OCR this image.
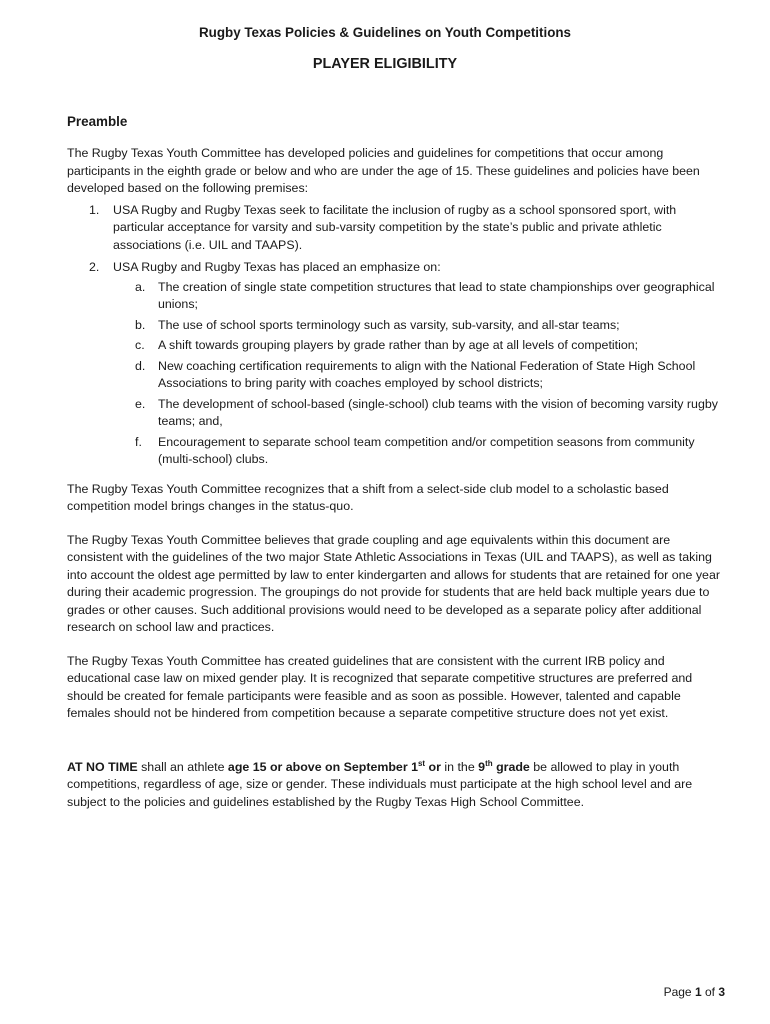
Rugby Texas Policies & Guidelines on Youth Competitions
PLAYER ELIGIBILITY
Preamble

The Rugby Texas Youth Committee has developed policies and guidelines for competitions that occur among participants in the eighth grade or below and who are under the age of 15. These guidelines and policies have been developed based on the following premises:

1. USA Rugby and Rugby Texas seek to facilitate the inclusion of rugby as a school sponsored sport, with particular acceptance for varsity and sub-varsity competition by the state’s public and private athletic associations (i.e. UIL and TAAPS).
2. USA Rugby and Rugby Texas has placed an emphasize on:
a. The creation of single state competition structures that lead to state championships over geographical unions;
b. The use of school sports terminology such as varsity, sub-varsity, and all-star teams;
c. A shift towards grouping players by grade rather than by age at all levels of competition;
d. New coaching certification requirements to align with the National Federation of State High School Associations to bring parity with coaches employed by school districts;
e. The development of school-based (single-school) club teams with the vision of becoming varsity rugby teams; and,
f. Encouragement to separate school team competition and/or competition seasons from community (multi-school) clubs.

The Rugby Texas Youth Committee recognizes that a shift from a select-side club model to a scholastic based competition model brings changes in the status-quo.

The Rugby Texas Youth Committee believes that grade coupling and age equivalents within this document are consistent with the guidelines of the two major State Athletic Associations in Texas (UIL and TAAPS), as well as taking into account the oldest age permitted by law to enter kindergarten and allows for students that are retained for one year during their academic progression. The groupings do not provide for students that are held back multiple years due to grades or other causes. Such additional provisions would need to be developed as a separate policy after additional research on school law and practices.

The Rugby Texas Youth Committee has created guidelines that are consistent with the current IRB policy and educational case law on mixed gender play. It is recognized that separate competitive structures are preferred and should be created for female participants were feasible and as soon as possible. However, talented and capable females should not be hindered from competition because a separate competitive structure does not yet exist.

AT NO TIME shall an athlete age 15 or above on September 1st or in the 9th grade be allowed to play in youth competitions, regardless of age, size or gender. These individuals must participate at the high school level and are subject to the policies and guidelines established by the Rugby Texas High School Committee.

Page 1 of 3
